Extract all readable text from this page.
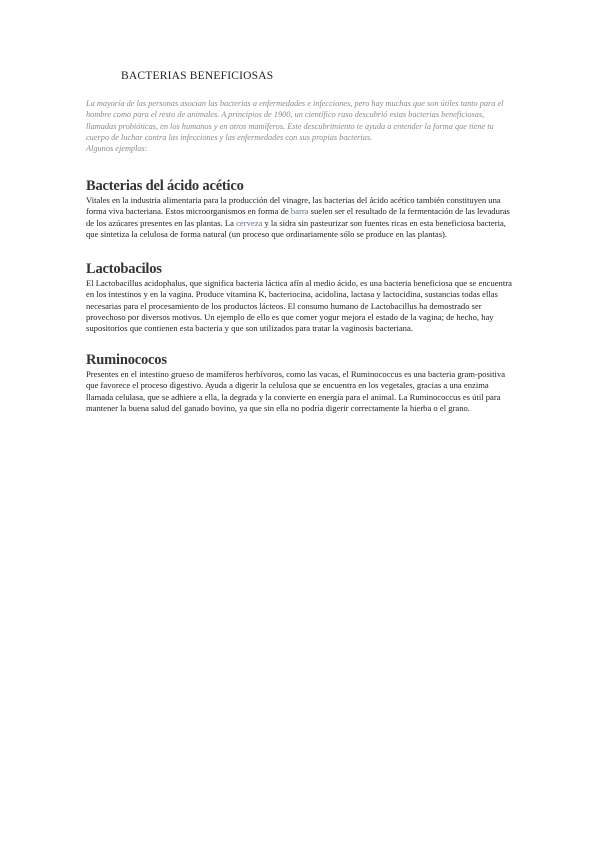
BACTERIAS BENEFICIOSAS

La mayoría de las personas asocian las bacterias a enfermedades e infecciones, pero hay muchas que son útiles tanto para el hombre como para el resto de animales. A principios de 1900, un científico ruso descubrió estas bacterias beneficiosas, llamadas probióticas, en los humanos y en otros mamíferos. Este descubrimiento te ayuda a entender la forma que tiene tu cuerpo de luchar contra las infecciones y las enfermedades con sus propias bacterias.

Algunos ejemplos:

Bacterias del ácido acético

Vitales en la industria alimentaria para la producción del vinagre, las bacterias del ácido acético también constituyen una forma viva bacteriana. Estos microorganismos en forma de barra suelen ser el resultado de la fermentación de las levaduras de los azúcares presentes en las plantas. La cerveza y la sidra sin pasteurizar son fuentes ricas en esta beneficiosa bacteria, que sintetiza la celulosa de forma natural (un proceso que ordinariamente sólo se produce en las plantas).

Lactobacilos

El Lactobacillus acidophalus, que significa bacteria láctica afín al medio ácido, es una bacteria beneficiosa que se encuentra en los intestinos y en la vagina. Produce vitamina K, bacteriocina, acidolina, lactasa y lactocidina, sustancias todas ellas necesarias para el procesamiento de los productos lácteos. El consumo humano de Lactobacillus ha demostrado ser provechoso por diversos motivos. Un ejemplo de ello es que comer yogur mejora el estado de la vagina; de hecho, hay supositorios que contienen esta bacteria y que son utilizados para tratar la vaginosis bacteriana.

Ruminococos

Presentes en el intestino grueso de mamíferos herbívoros, como las vacas, el Ruminococcus es una bacteria gram-positiva que favorece el proceso digestivo. Ayuda a digerir la celulosa que se encuentra en los vegetales, gracias a una enzima llamada celulasa, que se adhiere a ella, la degrada y la convierte en energía para el animal. La Ruminococcus es útil para mantener la buena salud del ganado bovino, ya que sin ella no podría digerir correctamente la hierba o el grano.
